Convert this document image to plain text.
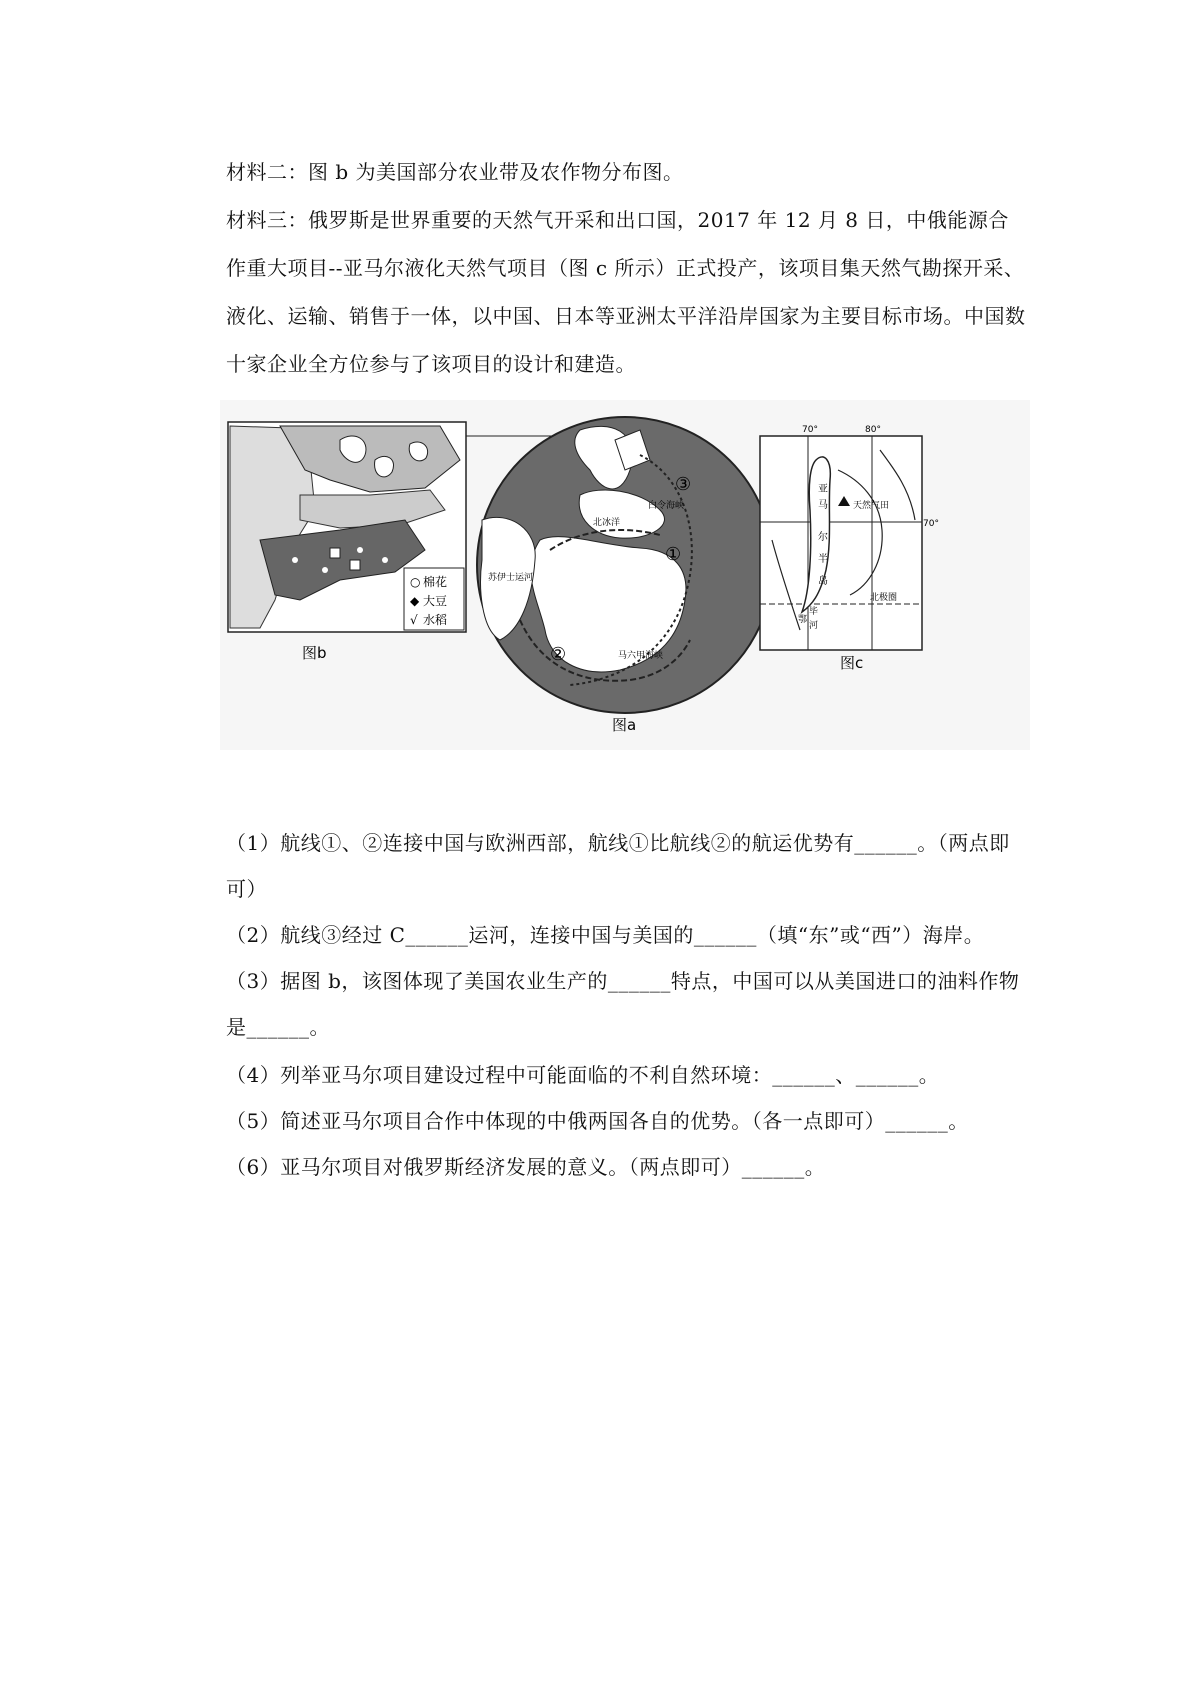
材料二：图 b 为美国部分农业带及农作物分布图。
材料三：俄罗斯是世界重要的天然气开采和出口国，2017 年 12 月 8 日，中俄能源合作重大项目--亚马尔液化天然气项目（图 c 所示）正式投产，该项目集天然气勘探开采、液化、运输、销售于一体，以中国、日本等亚洲太平洋沿岸国家为主要目标市场。中国数十家企业全方位参与了该项目的设计和建造。
○ 棉花
◆ 大豆
√ 水稻
图b
白令海峡
北冰洋
苏伊士运河
马六甲海峡
③
①
②
图a
天然气田
70°	80°
70°
亚
马
尔
半
岛
北极圈
鄂
毕
河
图c
（1）航线①、②连接中国与欧洲西部，航线①比航线②的航运优势有______。（两点即可）
（2）航线③经过 C______运河，连接中国与美国的______（填“东”或“西”）海岸。
（3）据图 b，该图体现了美国农业生产的______特点，中国可以从美国进口的油料作物是______。
（4）列举亚马尔项目建设过程中可能面临的不利自然环境：______、______。
（5）简述亚马尔项目合作中体现的中俄两国各自的优势。（各一点即可）______。
（6）亚马尔项目对俄罗斯经济发展的意义。（两点即可）______。
